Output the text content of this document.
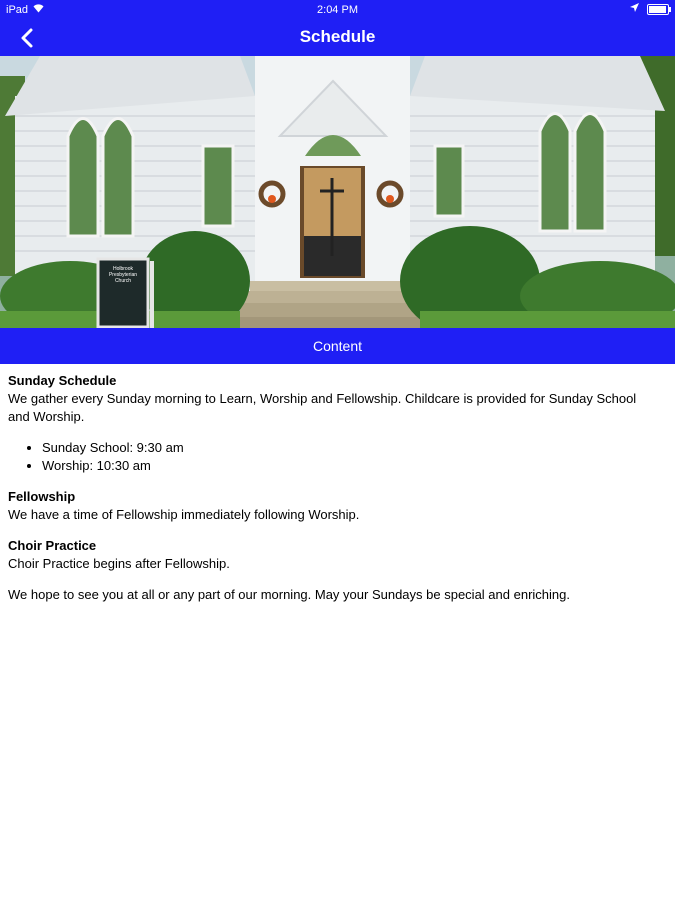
iPad	2:04 PM
Schedule
Holbrook
Presbyterian
Church
Content
Sunday Schedule

We gather every Sunday morning to Learn, Worship and Fellowship. Childcare is provided for Sunday School and Worship.

• Sunday School: 9:30 am
• Worship: 10:30 am
Fellowship

We have a time of Fellowship immediately following Worship.

Choir Practice

Choir Practice begins after Fellowship.

We hope to see you at all or any part of our morning. May your Sundays be special and enriching.
